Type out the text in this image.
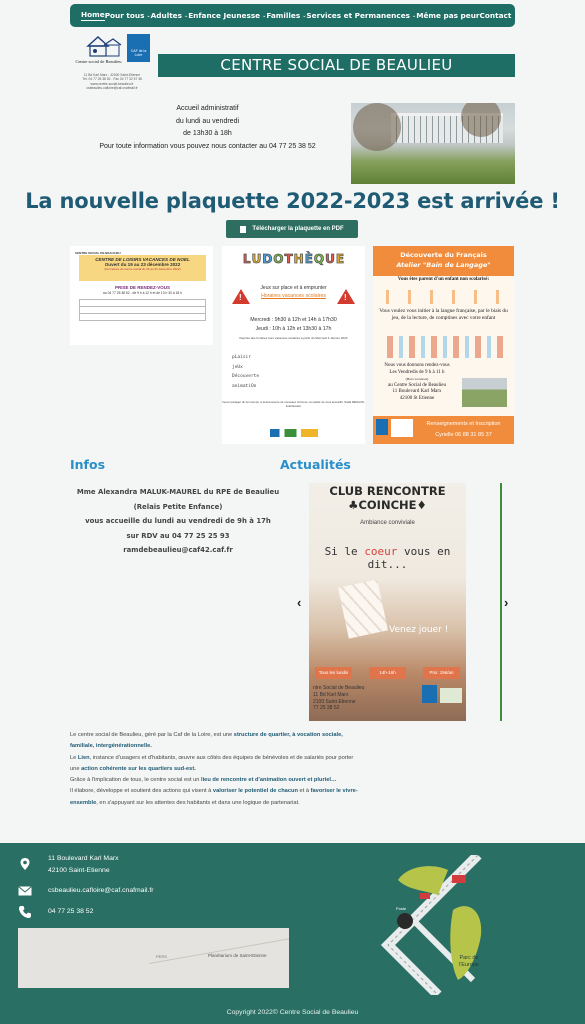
Home Pour tous ⌄ Adultes ⌄ Enfance Jeunesse ⌄ Familles ⌄ Services et Permanences ⌄ Même pas peur Contact
CAF de la Loire
Centre social de Beaulieu
11 Bd Karl Marx - 42000 Saint-Etienne
Tél. 04 77 25 38 52 - Fax 04 77 32 57 36
www.centre-social-beaulieu.fr
csbeaulieu.cafloire@caf.cnafmail.fr
CENTRE SOCIAL DE BEAULIEU
Accueil administratif
du lundi au vendredi
de 13h30 à 18h
Pour toute information vous pouvez nous contacter au 04 77 25 38 52
La nouvelle plaquette 2022-2023 est arrivée !
Télécharger la plaquette en PDF
CENTRE SOCIAL DE BEAULIEU
CENTRE DE LOISIRS VACANCES DE NOEL
Ouvert du 19 au 23 décembre 2022
(Fermeture du centre social du 26 au 31 décembre 2022)
PRISE DE RENDEZ-VOUS
au 04 77 25 38 52 - de 9 h à 12 h et de 13 h 30 à 18 h
L U D O T H È Q U E
!
!
Jeux sur place et à emprunter
Horaires vacances scolaires
Mercredi : 9h30 à 12h et 14h à 17h30
Jeudi : 10h à 12h et 13h30 à 17h
Reprise des horaires hors vacances scolaires à partir du Mercredi 4 Janvier 2023
pLaisir
jeUx
Découverte
animatiOn
Venez partager du bon temps, à la découverte de nouveaux horizons. Au plaisir de vous accueillir. Stella MENAUD, ludothécaire
Découverte du Français
Atelier "Bain de Langage"
Vous êtes parent d'un enfant non scolarisé:
Vous voulez vous initier à la langue française, par le biais du jeu, de la lecture, de comptines avec votre enfant
Nous vous donnons rendez-vous
Les Vendredis de 9 h à 11 h
(Hors vacances)
au Centre Social de Beaulieu
11 Boulevard Karl Marx
42100 St Etienne
Renseignements et Inscription
Cyrielle 06 88 31 85 37
Infos	Actualités
Mme Alexandra MALUK-MAUREL du RPE de Beaulieu
(Relais Petite Enfance)
vous accueille du lundi au vendredi de 9h à 17h
sur RDV au 04 77 25 25 93
ramdebeaulieu@caf42.caf.fr
CLUB RENCONTRE
♣COINCHE♦
Ambiance conviviale
Si le coeur vous en dit...
Venez jouer !
Tous les lundis	14h-16h	Prix: 15€/an
ntre Social de Beaulieu
11 Bd Karl Marx
2100 Saint-Etienne
77 25 38 52
‹	›
Le centre social de Beaulieu, géré par la Caf de la Loire, est une structure de quartier, à vocation sociale, familiale, intergénérationnelle.
Le Lien, instance d'usagers et d'habitants, œuvre aux côtés des équipes de bénévoles et de salariés pour porter une action cohérente sur les quartiers sud-est.
Grâce à l'implication de tous, le centre social est un lieu de rencontre et d'animation ouvert et pluriel…
Il élabore, développe et soutient des actions qui visent à valoriser le potentiel de chacun et à favoriser le vivre-ensemble, en s'appuyant sur les attentes des habitants et dans une logique de partenariat.
11 Boulevard Karl Marx
42100 Saint-Etienne
csbeaulieu.cafloire@caf.cnafmail.fr
04 77 25 38 52
PERS	Planétarium de Saint-Etienne
Poste
Parc de l'Europe
Copyright 2022© Centre Social de Beaulieu
